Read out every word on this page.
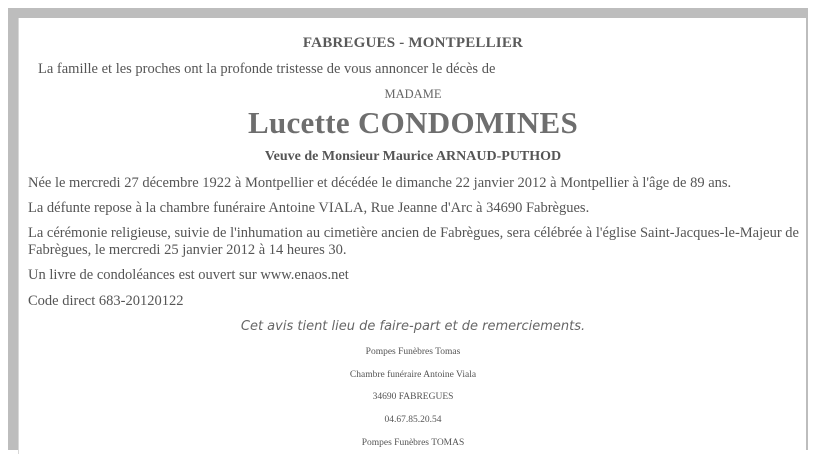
FABREGUES - MONTPELLIER
La famille et les proches ont la profonde tristesse de vous annoncer le décès de
MADAME
Lucette CONDOMINES
Veuve de Monsieur Maurice ARNAUD-PUTHOD
Née le mercredi 27 décembre 1922 à Montpellier et décédée le dimanche 22 janvier 2012 à Montpellier à l'âge de 89 ans.
La défunte repose à la chambre funéraire Antoine VIALA, Rue Jeanne d'Arc à 34690 Fabrègues.
La cérémonie religieuse, suivie de l'inhumation au cimetière ancien de Fabrègues, sera célébrée à l'église Saint-Jacques-le-Majeur de Fabrègues, le mercredi 25 janvier 2012 à 14 heures 30.
Un livre de condoléances est ouvert sur www.enaos.net
Code direct 683-20120122
Cet avis tient lieu de faire-part et de remerciements.
Pompes Funèbres Tomas
Chambre funéraire Antoine Viala
34690 FABREGUES
04.67.85.20.54
Pompes Funèbres TOMAS
